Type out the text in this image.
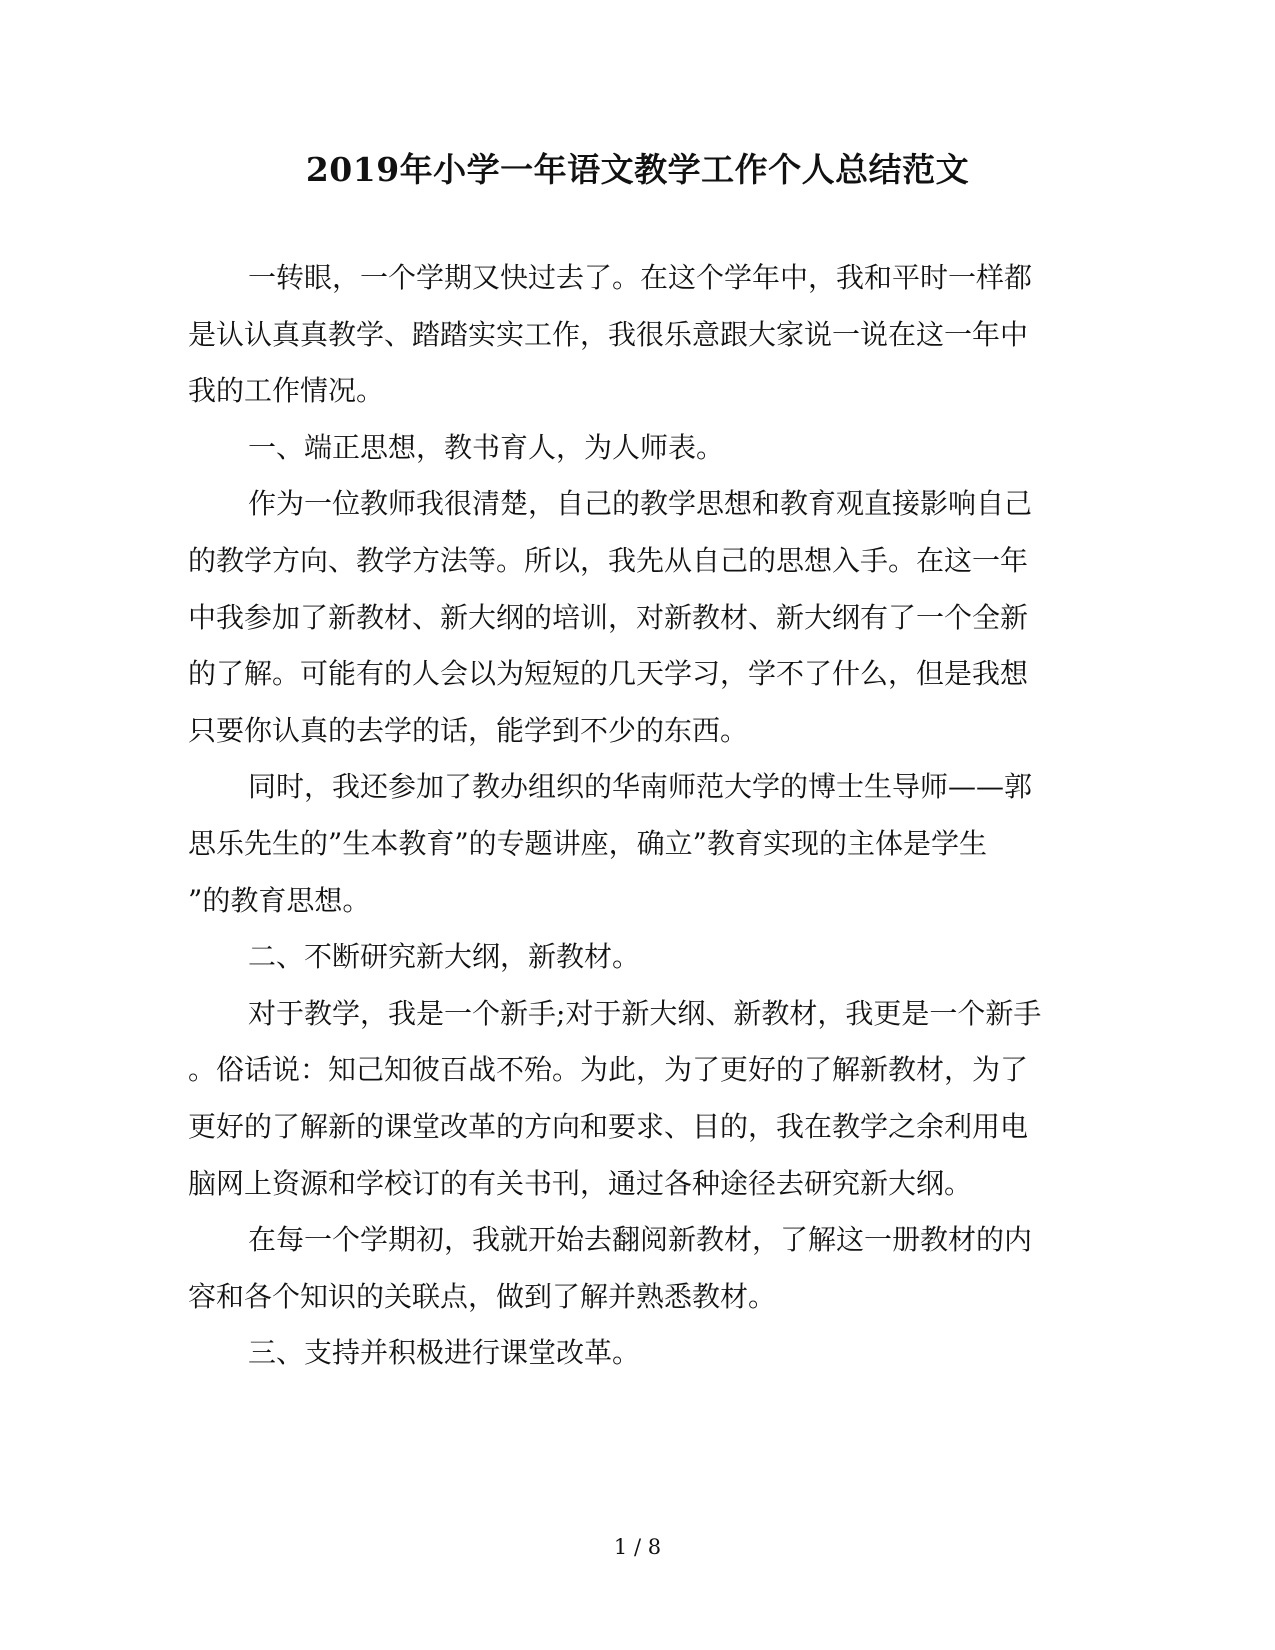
2019年小学一年语文教学工作个人总结范文
一转眼，一个学期又快过去了。在这个学年中，我和平时一样都
是认认真真教学、踏踏实实工作，我很乐意跟大家说一说在这一年中
我的工作情况。
一、端正思想，教书育人，为人师表。
作为一位教师我很清楚，自己的教学思想和教育观直接影响自己
的教学方向、教学方法等。所以，我先从自己的思想入手。在这一年
中我参加了新教材、新大纲的培训，对新教材、新大纲有了一个全新
的了解。可能有的人会以为短短的几天学习，学不了什么，但是我想
只要你认真的去学的话，能学到不少的东西。
同时，我还参加了教办组织的华南师范大学的博士生导师——郭
思乐先生的”生本教育”的专题讲座，确立”教育实现的主体是学生
”的教育思想。
二、不断研究新大纲，新教材。
对于教学，我是一个新手;对于新大纲、新教材，我更是一个新手
。俗话说：知己知彼百战不殆。为此，为了更好的了解新教材，为了
更好的了解新的课堂改革的方向和要求、目的，我在教学之余利用电
脑网上资源和学校订的有关书刊，通过各种途径去研究新大纲。
在每一个学期初，我就开始去翻阅新教材，了解这一册教材的内
容和各个知识的关联点，做到了解并熟悉教材。
三、支持并积极进行课堂改革。
1 / 8
